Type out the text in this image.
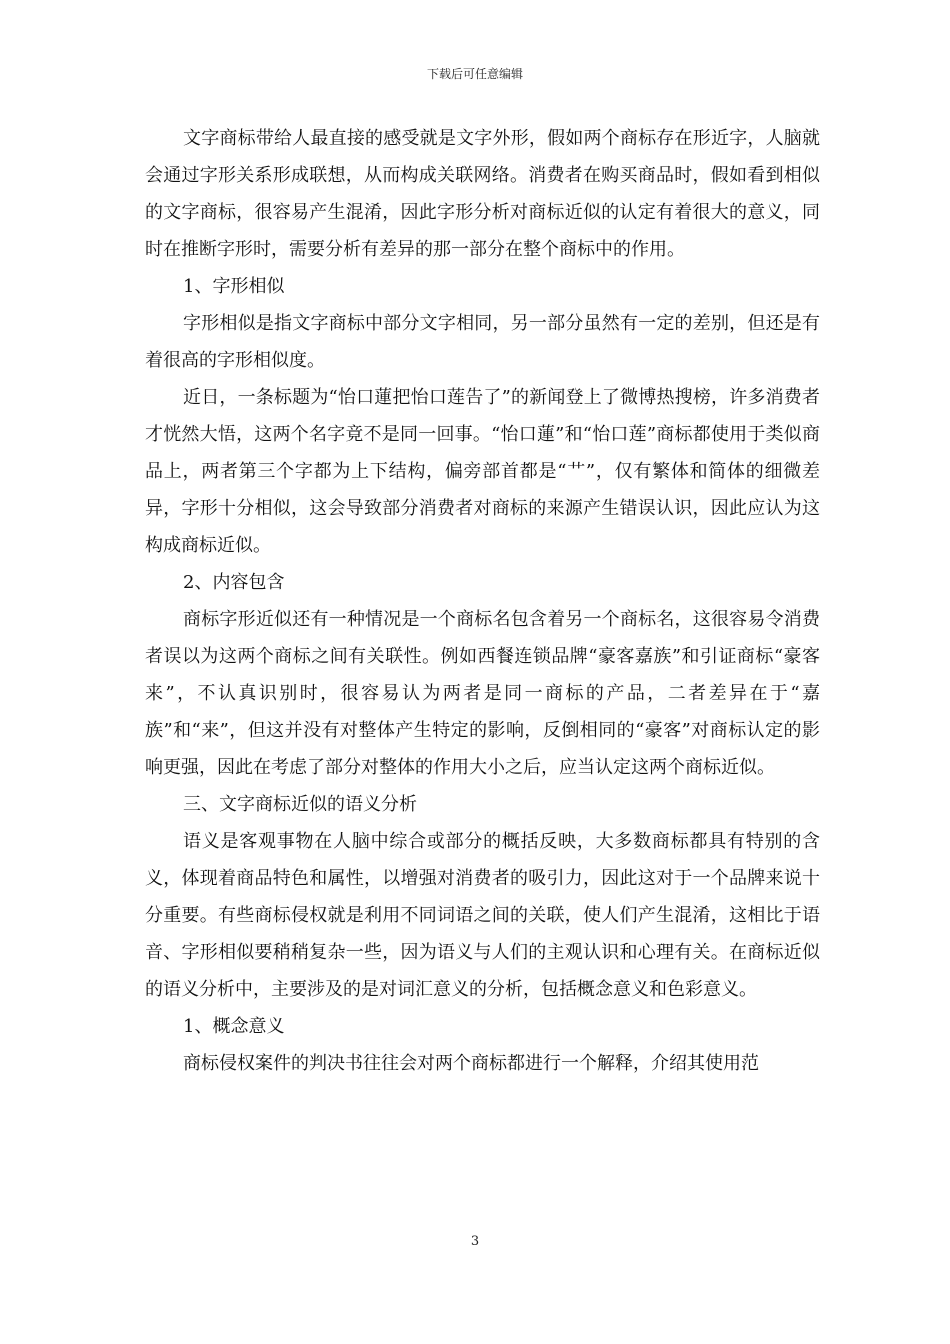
下载后可任意编辑

文字商标带给人最直接的感受就是文字外形，假如两个商标存在形近字，人脑就会通过字形关系形成联想，从而构成关联网络。消费者在购买商品时，假如看到相似的文字商标，很容易产生混淆，因此字形分析对商标近似的认定有着很大的意义，同时在推断字形时，需要分析有差异的那一部分在整个商标中的作用。

1、字形相似

字形相似是指文字商标中部分文字相同，另一部分虽然有一定的差别，但还是有着很高的字形相似度。

近日，一条标题为“怡口蓮把怡口莲告了”的新闻登上了微博热搜榜，许多消费者才恍然大悟，这两个名字竟不是同一回事。“怡口蓮”和“怡口莲”商标都使用于类似商品上，两者第三个字都为上下结构，偏旁部首都是“艹”，仅有繁体和简体的细微差异，字形十分相似，这会导致部分消费者对商标的来源产生错误认识，因此应认为这构成商标近似。

2、内容包含

商标字形近似还有一种情况是一个商标名包含着另一个商标名，这很容易令消费者误以为这两个商标之间有关联性。例如西餐连锁品牌“豪客嘉族”和引证商标“豪客来”，不认真识别时，很容易认为两者是同一商标的产品，二者差异在于“嘉族”和“来”，但这并没有对整体产生特定的影响，反倒相同的“豪客”对商标认定的影响更强，因此在考虑了部分对整体的作用大小之后，应当认定这两个商标近似。

三、文字商标近似的语义分析

语义是客观事物在人脑中综合或部分的概括反映，大多数商标都具有特别的含义，体现着商品特色和属性，以增强对消费者的吸引力，因此这对于一个品牌来说十分重要。有些商标侵权就是利用不同词语之间的关联，使人们产生混淆，这相比于语音、字形相似要稍稍复杂一些，因为语义与人们的主观认识和心理有关。在商标近似的语义分析中，主要涉及的是对词汇意义的分析，包括概念意义和色彩意义。

1、概念意义

商标侵权案件的判决书往往会对两个商标都进行一个解释，介绍其使用范

3
